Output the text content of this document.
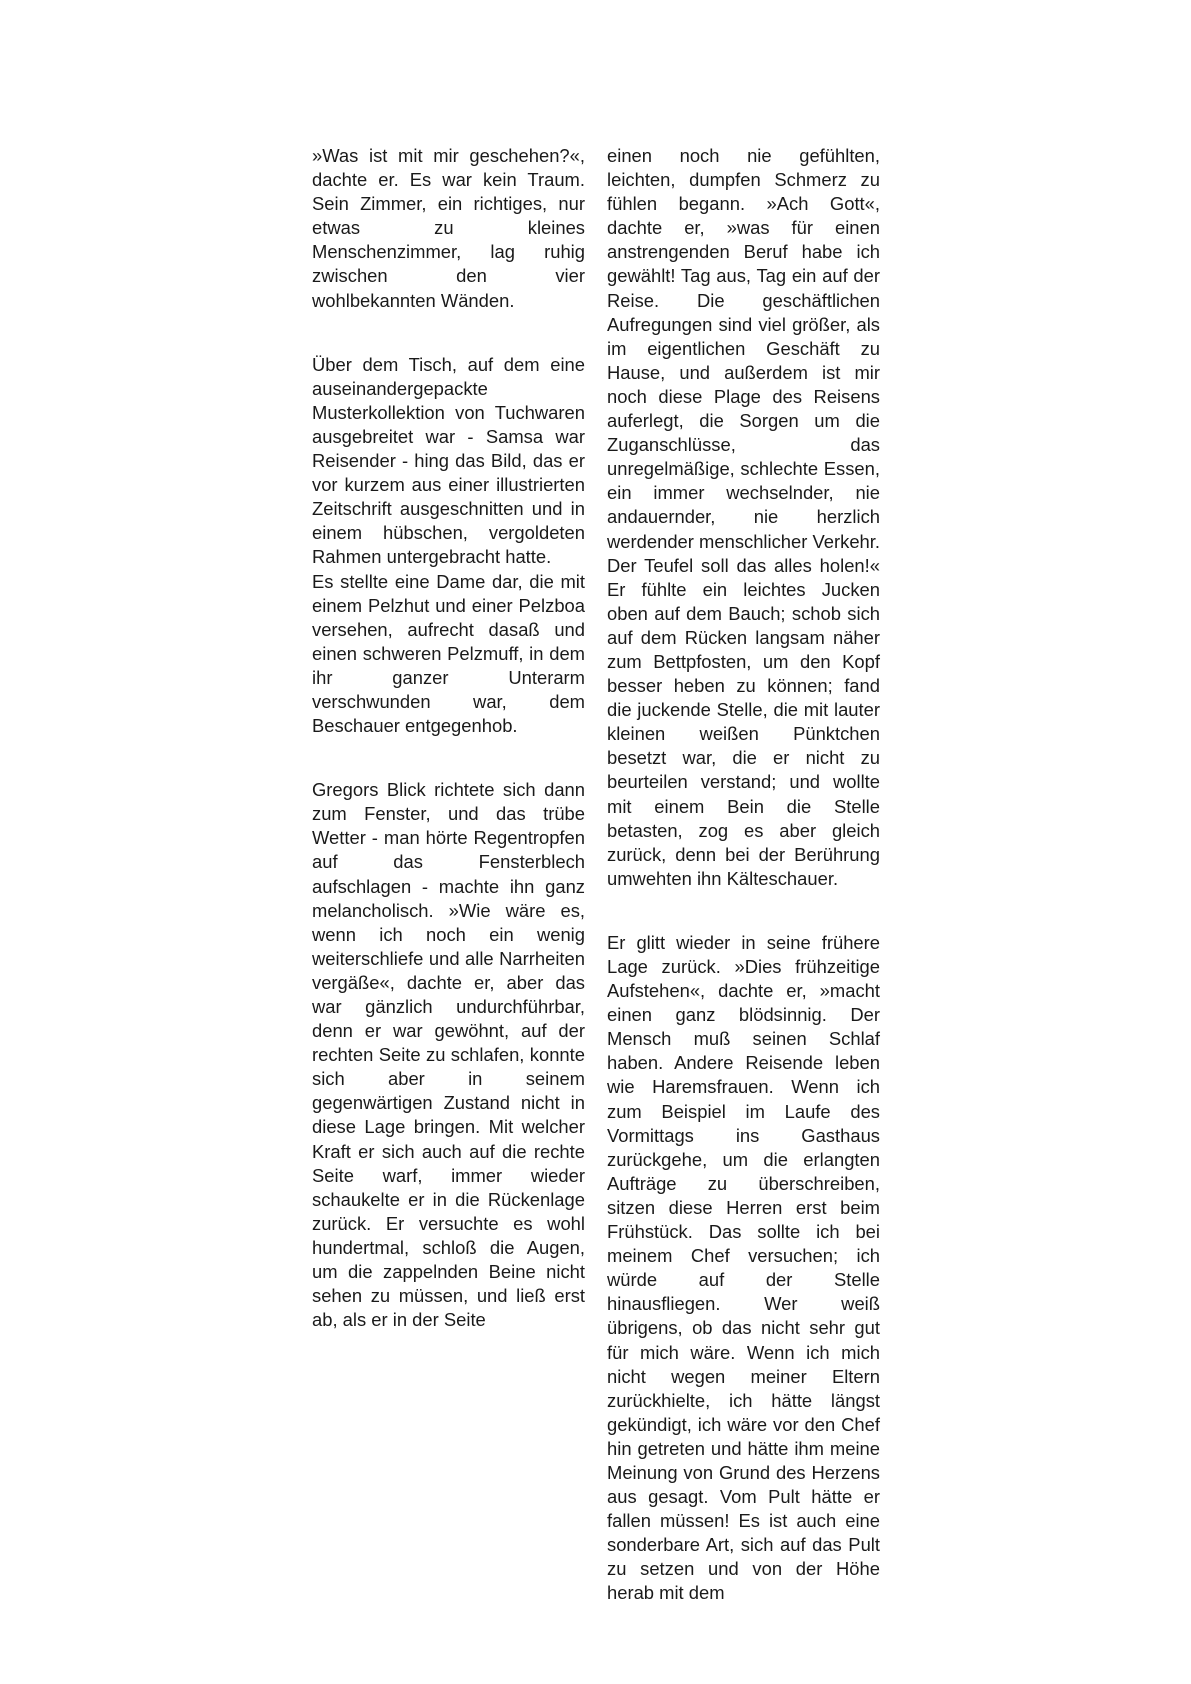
»Was ist mit mir geschehen?«, dachte er. Es war kein Traum. Sein Zimmer, ein richtiges, nur etwas zu kleines Menschenzimmer, lag ruhig zwischen den vier wohlbekannten Wänden.

Über dem Tisch, auf dem eine auseinandergepackte Musterkollektion von Tuchwaren ausgebreitet war - Samsa war Reisender - hing das Bild, das er vor kurzem aus einer illustrierten Zeitschrift ausgeschnitten und in einem hübschen, vergoldeten Rahmen untergebracht hatte.

Es stellte eine Dame dar, die mit einem Pelzhut und einer Pelzboa versehen, aufrecht dasaß und einen schweren Pelzmuff, in dem ihr ganzer Unterarm verschwunden war, dem Beschauer entgegenhob.

Gregors Blick richtete sich dann zum Fenster, und das trübe Wetter - man hörte Regentropfen auf das Fensterblech aufschlagen - machte ihn ganz melancholisch. »Wie wäre es, wenn ich noch ein wenig weiterschliefe und alle Narrheiten vergäße«, dachte er, aber das war gänzlich undurchführbar, denn er war gewöhnt, auf der rechten Seite zu schlafen, konnte sich aber in seinem gegenwärtigen Zustand nicht in diese Lage bringen. Mit welcher Kraft er sich auch auf die rechte Seite warf, immer wieder schaukelte er in die Rückenlage zurück. Er versuchte es wohl hundertmal, schloß die Augen, um die zappelnden Beine nicht sehen zu müssen, und ließ erst ab, als er in der Seite

einen noch nie gefühlten, leichten, dumpfen Schmerz zu fühlen begann. »Ach Gott«, dachte er, »was für einen anstrengenden Beruf habe ich gewählt! Tag aus, Tag ein auf der Reise. Die geschäftlichen Aufregungen sind viel größer, als im eigentlichen Geschäft zu Hause, und außerdem ist mir noch diese Plage des Reisens auferlegt, die Sorgen um die Zuganschlüsse, das unregelmäßige, schlechte Essen, ein immer wechselnder, nie andauernder, nie herzlich werdender menschlicher Verkehr. Der Teufel soll das alles holen!« Er fühlte ein leichtes Jucken oben auf dem Bauch; schob sich auf dem Rücken langsam näher zum Bettpfosten, um den Kopf besser heben zu können; fand die juckende Stelle, die mit lauter kleinen weißen Pünktchen besetzt war, die er nicht zu beurteilen verstand; und wollte mit einem Bein die Stelle betasten, zog es aber gleich zurück, denn bei der Berührung umwehten ihn Kälteschauer.

Er glitt wieder in seine frühere Lage zurück. »Dies frühzeitige Aufstehen«, dachte er, »macht einen ganz blödsinnig. Der Mensch muß seinen Schlaf haben. Andere Reisende leben wie Haremsfrauen. Wenn ich zum Beispiel im Laufe des Vormittags ins Gasthaus zurückgehe, um die erlangten Aufträge zu überschreiben, sitzen diese Herren erst beim Frühstück. Das sollte ich bei meinem Chef versuchen; ich würde auf der Stelle hinausfliegen. Wer weiß übrigens, ob das nicht sehr gut für mich wäre. Wenn ich mich nicht wegen meiner Eltern zurückhielte, ich hätte längst gekündigt, ich wäre vor den Chef hin getreten und hätte ihm meine Meinung von Grund des Herzens aus gesagt. Vom Pult hätte er fallen müssen! Es ist auch eine sonderbare Art, sich auf das Pult zu setzen und von der Höhe herab mit dem
